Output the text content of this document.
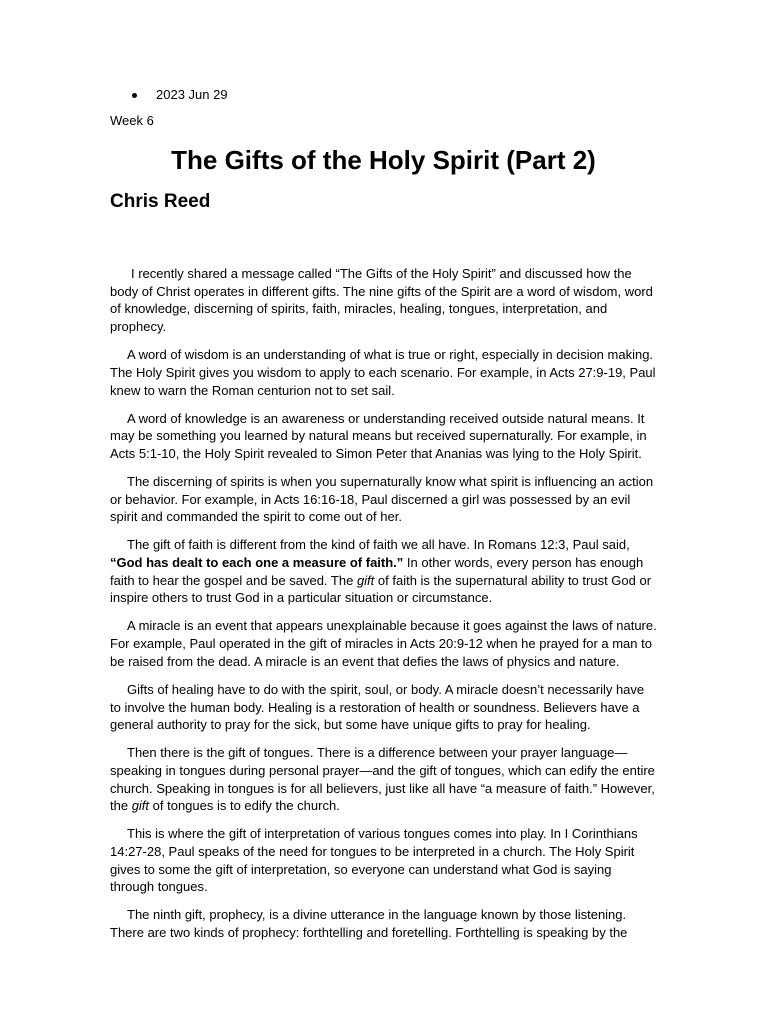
2023 Jun 29
Week 6
The Gifts of the Holy Spirit (Part 2)
Chris Reed

I recently shared a message called “The Gifts of the Holy Spirit” and discussed how the body of Christ operates in different gifts. The nine gifts of the Spirit are a word of wisdom, word of knowledge, discerning of spirits, faith, miracles, healing, tongues, interpretation, and prophecy.

A word of wisdom is an understanding of what is true or right, especially in decision making. The Holy Spirit gives you wisdom to apply to each scenario. For example, in Acts 27:9-19, Paul knew to warn the Roman centurion not to set sail.

A word of knowledge is an awareness or understanding received outside natural means. It may be something you learned by natural means but received supernaturally. For example, in Acts 5:1-10, the Holy Spirit revealed to Simon Peter that Ananias was lying to the Holy Spirit.

The discerning of spirits is when you supernaturally know what spirit is influencing an action or behavior. For example, in Acts 16:16-18, Paul discerned a girl was possessed by an evil spirit and commanded the spirit to come out of her.

The gift of faith is different from the kind of faith we all have. In Romans 12:3, Paul said, “God has dealt to each one a measure of faith.” In other words, every person has enough faith to hear the gospel and be saved. The gift of faith is the supernatural ability to trust God or inspire others to trust God in a particular situation or circumstance.

A miracle is an event that appears unexplainable because it goes against the laws of nature. For example, Paul operated in the gift of miracles in Acts 20:9-12 when he prayed for a man to be raised from the dead. A miracle is an event that defies the laws of physics and nature.

Gifts of healing have to do with the spirit, soul, or body. A miracle doesn’t necessarily have to involve the human body. Healing is a restoration of health or soundness. Believers have a general authority to pray for the sick, but some have unique gifts to pray for healing.

Then there is the gift of tongues. There is a difference between your prayer language—speaking in tongues during personal prayer—and the gift of tongues, which can edify the entire church. Speaking in tongues is for all believers, just like all have “a measure of faith.” However, the gift of tongues is to edify the church.

This is where the gift of interpretation of various tongues comes into play. In I Corinthians 14:27-28, Paul speaks of the need for tongues to be interpreted in a church. The Holy Spirit gives to some the gift of interpretation, so everyone can understand what God is saying through tongues.

The ninth gift, prophecy, is a divine utterance in the language known by those listening. There are two kinds of prophecy: forthtelling and foretelling. Forthtelling is speaking by the
